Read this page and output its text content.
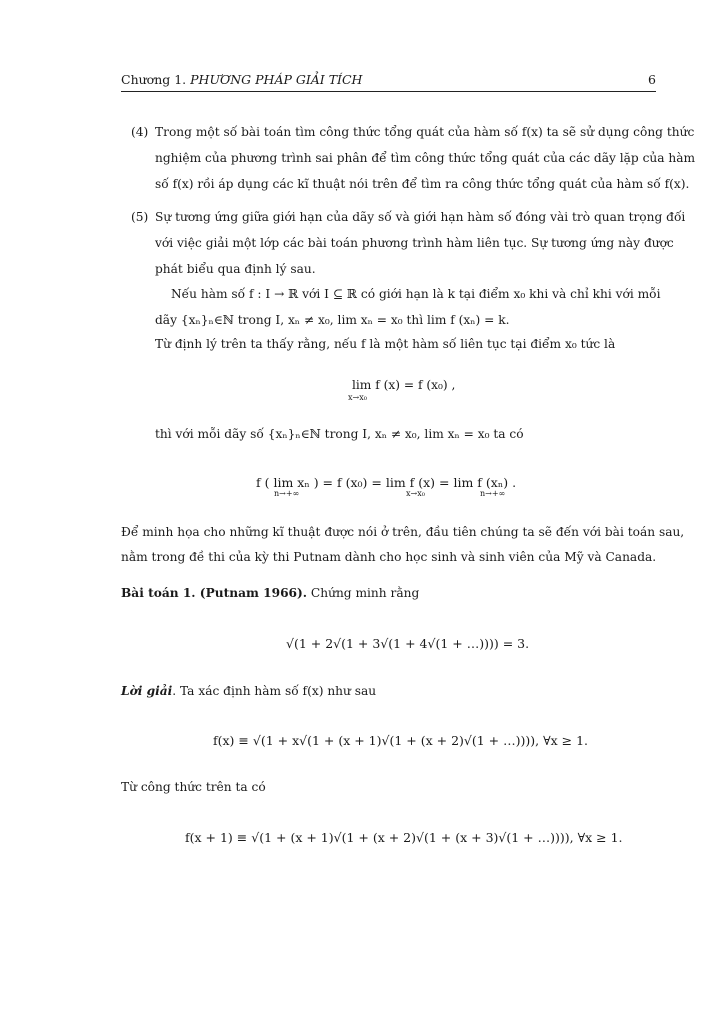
Chương 1. PHƯƠNG PHÁP GIẢI TÍCH	6
(4) Trong một số bài toán tìm công thức tổng quát của hàm số f(x) ta sẽ sử dụng công thức
nghiệm của phương trình sai phân để tìm công thức tổng quát của các dãy lặp của hàm
số f(x) rồi áp dụng các kĩ thuật nói trên để tìm ra công thức tổng quát của hàm số f(x).
(5) Sự tương ứng giữa giới hạn của dãy số và giới hạn hàm số đóng vài trò quan trọng đối
với việc giải một lớp các bài toán phương trình hàm liên tục. Sự tương ứng này được
phát biểu qua định lý sau.
Nếu hàm số f : I → ℝ với I ⊆ ℝ có giới hạn là k tại điểm x₀ khi và chỉ khi với mỗi
dãy {xₙ}ₙ∈ℕ trong I, xₙ ≠ x₀, lim xₙ = x₀ thì lim f (xₙ) = k.
Từ định lý trên ta thấy rằng, nếu f là một hàm số liên tục tại điểm x₀ tức là
lim f (x) = f (x₀) ,
x→x₀
thì với mỗi dãy số {xₙ}ₙ∈ℕ trong I, xₙ ≠ x₀, lim xₙ = x₀ ta có
f ( lim xₙ ) = f (x₀) = lim f (x) = lim f (xₙ) .
n→+∞	x→x₀	n→+∞
Để minh họa cho những kĩ thuật được nói ở trên, đầu tiên chúng ta sẽ đến với bài toán sau,
nằm trong đề thi của kỳ thi Putnam dành cho học sinh và sinh viên của Mỹ và Canada.
Bài toán 1. (Putnam 1966). Chứng minh rằng
√(1 + 2√(1 + 3√(1 + 4√(1 + …)))) = 3.
Lời giải. Ta xác định hàm số f(x) như sau
f(x) ≡ √(1 + x√(1 + (x + 1)√(1 + (x + 2)√(1 + …)))), ∀x ≥ 1.
Từ công thức trên ta có
f(x + 1) ≡ √(1 + (x + 1)√(1 + (x + 2)√(1 + (x + 3)√(1 + …)))), ∀x ≥ 1.
